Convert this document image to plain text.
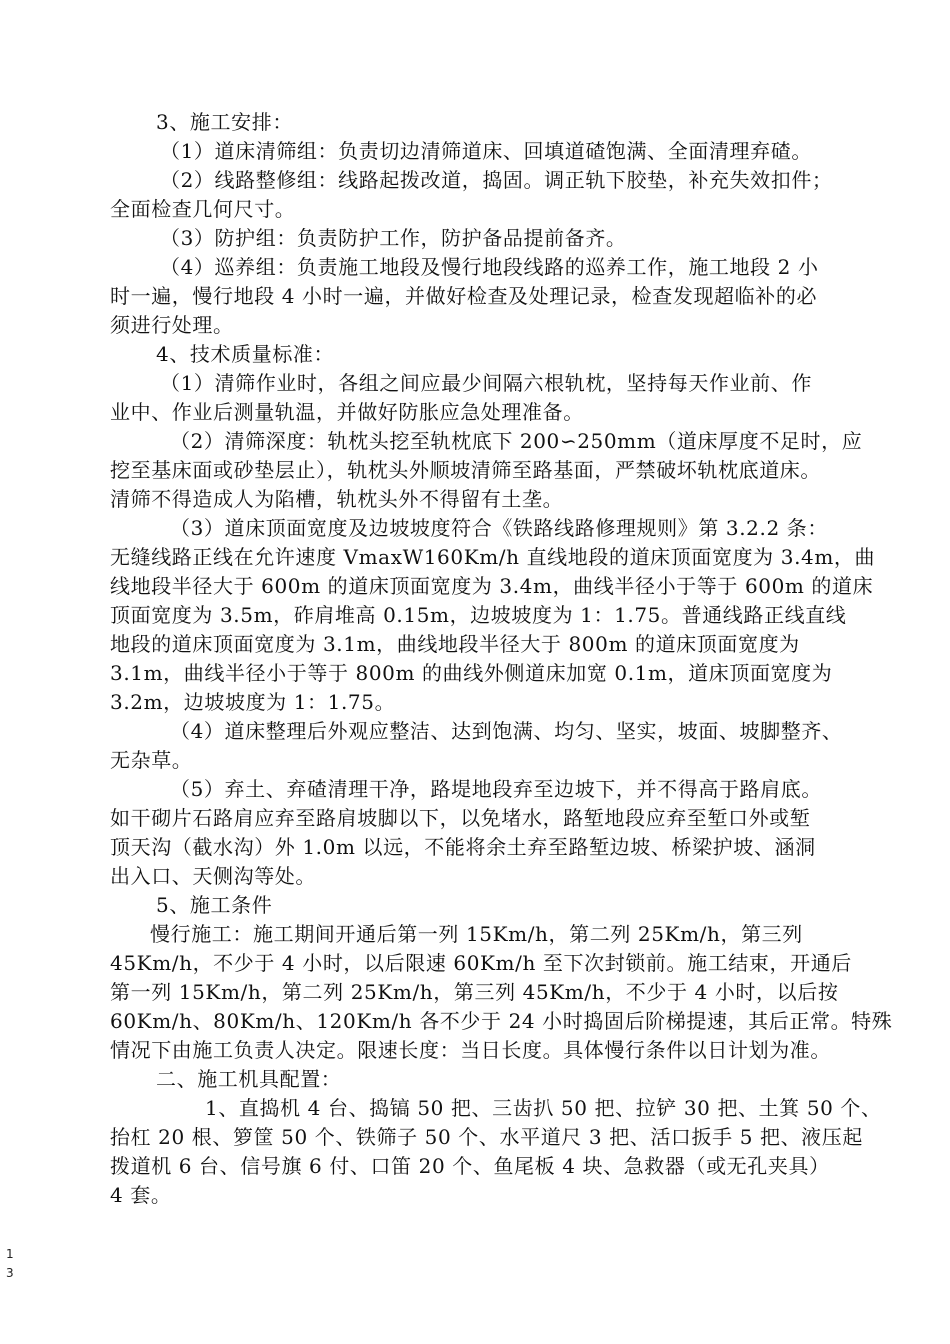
3、施工安排：
（1）道床清筛组：负责切边清筛道床、回填道碴饱满、全面清理弃碴。
（2）线路整修组：线路起拨改道，捣固。调正轨下胶垫，补充失效扣件；
全面检查几何尺寸。
（3）防护组：负责防护工作，防护备品提前备齐。
（4）巡养组：负责施工地段及慢行地段线路的巡养工作，施工地段 2 小
时一遍，慢行地段 4 小时一遍，并做好检查及处理记录，检查发现超临补的必
须进行处理。
4、技术质量标准：
（1）清筛作业时，各组之间应最少间隔六根轨枕，坚持每天作业前、作
业中、作业后测量轨温，并做好防胀应急处理准备。
（2）清筛深度：轨枕头挖至轨枕底下 200∽250mm（道床厚度不足时，应
挖至基床面或砂垫层止），轨枕头外顺坡清筛至路基面，严禁破坏轨枕底道床。
清筛不得造成人为陷槽，轨枕头外不得留有土垄。
（3）道床顶面宽度及边坡坡度符合《铁路线路修理规则》第 3.2.2 条：
无缝线路正线在允许速度 VmaxW160Km/h 直线地段的道床顶面宽度为 3.4m，曲
线地段半径大于 600m 的道床顶面宽度为 3.4m，曲线半径小于等于 600m 的道床
顶面宽度为 3.5m，砟肩堆高 0.15m，边坡坡度为 1：1.75。普通线路正线直线
地段的道床顶面宽度为 3.1m，曲线地段半径大于 800m 的道床顶面宽度为
3.1m，曲线半径小于等于 800m 的曲线外侧道床加宽 0.1m，道床顶面宽度为
3.2m，边坡坡度为 1：1.75。
（4）道床整理后外观应整洁、达到饱满、均匀、坚实，坡面、坡脚整齐、
无杂草。
（5）弃土、弃碴清理干净，路堤地段弃至边坡下，并不得高于路肩底。
如干砌片石路肩应弃至路肩坡脚以下，以免堵水，路堑地段应弃至堑口外或堑
顶天沟（截水沟）外 1.0m 以远，不能将余土弃至路堑边坡、桥梁护坡、涵洞
出入口、天侧沟等处。
5、施工条件
慢行施工：施工期间开通后第一列 15Km/h，第二列 25Km/h，第三列
45Km/h，不少于 4 小时，以后限速 60Km/h 至下次封锁前。施工结束，开通后
第一列 15Km/h，第二列 25Km/h，第三列 45Km/h，不少于 4 小时，以后按
60Km/h、80Km/h、120Km/h 各不少于 24 小时捣固后阶梯提速，其后正常。特殊
情况下由施工负责人决定。限速长度：当日长度。具体慢行条件以日计划为准。
二、施工机具配置：
1、直捣机 4 台、捣镐 50 把、三齿扒 50 把、拉铲 30 把、土箕 50 个、
抬杠 20 根、箩筐 50 个、铁筛子 50 个、水平道尺 3 把、活口扳手 5 把、液压起
拨道机 6 台、信号旗 6 付、口笛 20 个、鱼尾板 4 块、急救器（或无孔夹具）
4 套。
1
3
